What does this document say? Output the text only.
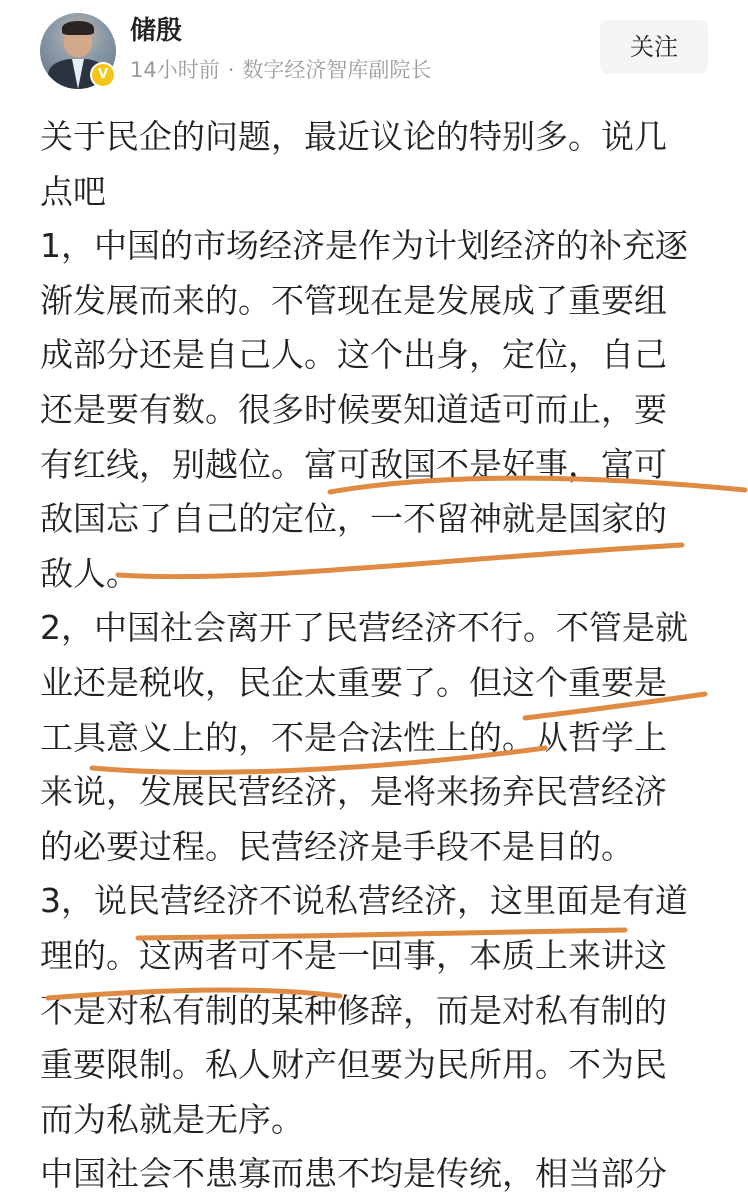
V
储殷
14小时前 · 数字经济智库副院长
关注
关于民企的问题，最近议论的特别多。说几
点吧
1，中国的市场经济是作为计划经济的补充逐
渐发展而来的。不管现在是发展成了重要组
成部分还是自己人。这个出身，定位，自己
还是要有数。很多时候要知道适可而止，要
有红线，别越位。富可敌国不是好事，富可
敌国忘了自己的定位，一不留神就是国家的
敌人。
2，中国社会离开了民营经济不行。不管是就
业还是税收，民企太重要了。但这个重要是
工具意义上的，不是合法性上的。从哲学上
来说，发展民营经济，是将来扬弃民营经济
的必要过程。民营经济是手段不是目的。
3，说民营经济不说私营经济，这里面是有道
理的。这两者可不是一回事，本质上来讲这
不是对私有制的某种修辞，而是对私有制的
重要限制。私人财产但要为民所用。不为民
而为私就是无序。
中国社会不患寡而患不均是传统，相当部分
